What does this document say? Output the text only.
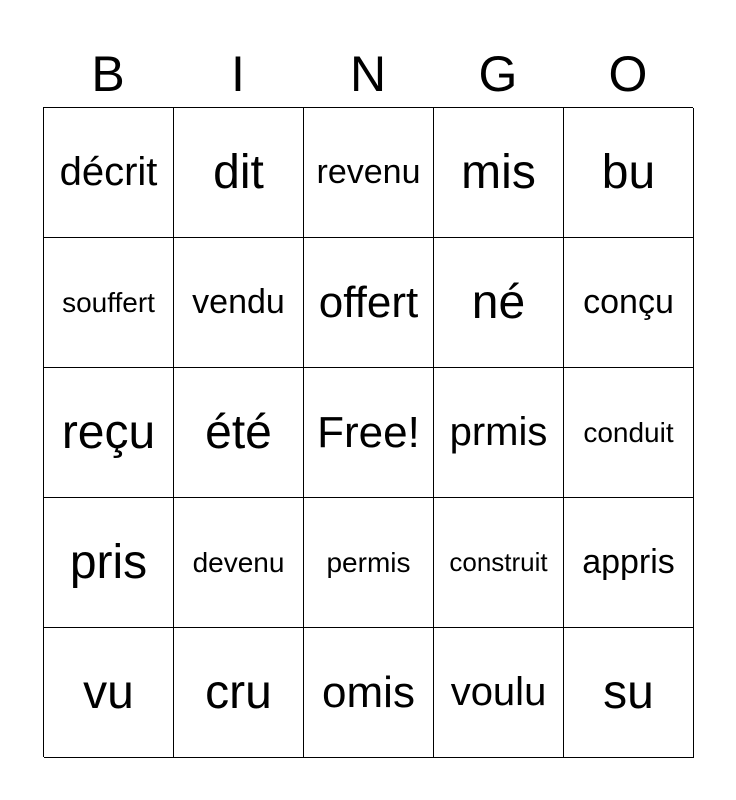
B	I	N	G	O
décrit dit revenu mis bu
souffert vendu offert né conçu
reçu été Free! prmis conduit
pris devenu permis construit appris
vu cru omis voulu su
